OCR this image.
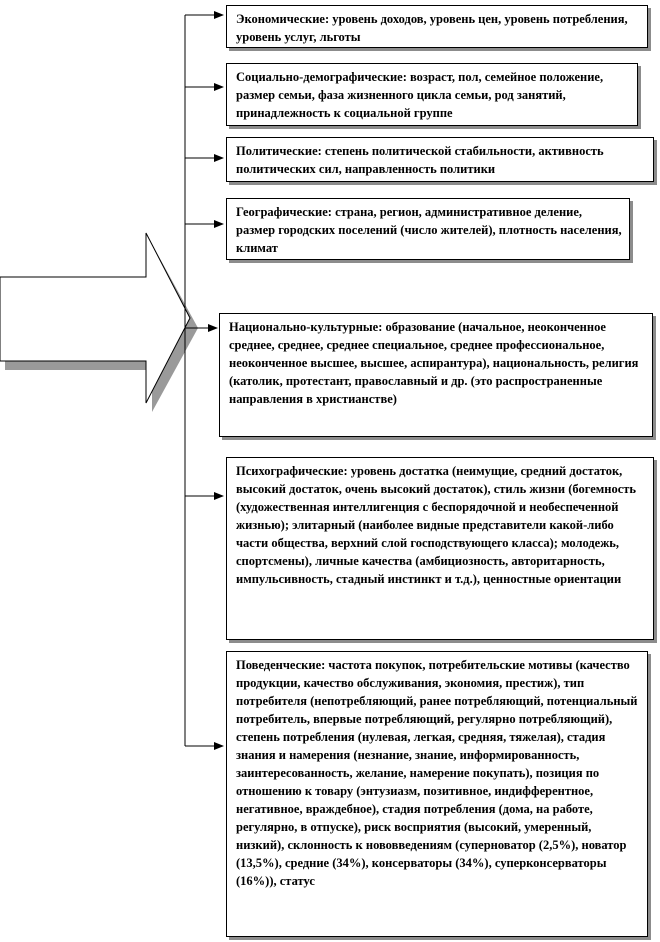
Экономические: уровень доходов, уровень цен, уровень потребления, уровень услуг, льготы
Социально-демографические: возраст, пол, семейное положение, размер семьи, фаза жизненного цикла семьи, род занятий, принадлежность к социальной группе
Политические: степень политической стабильности, активность политических сил, направленность политики
Географические: страна, регион, административное деление, размер городских поселений (число жителей), плотность населения, климат
Национально-культурные: образование (начальное, неоконченное среднее, среднее, среднее специальное, среднее профессиональное, неоконченное высшее, высшее, аспирантура), национальность, религия (католик, протестант, православный и др. (это распространенные направления в христианстве)
Психографические: уровень достатка (неимущие, средний достаток, высокий достаток, очень высокий достаток), стиль жизни (богемность (художественная интеллигенция с беспорядочной и необеспеченной жизнью); элитарный (наиболее видные представители какой-либо части общества, верхний слой господствующего класса); молодежь, спортсмены), личные качества (амбициозность, авторитарность, импульсивность, стадный инстинкт и т.д.), ценностные ориентации
Поведенческие: частота покупок, потребительские мотивы (качество продукции, качество обслуживания, экономия, престиж), тип потребителя (непотребляющий, ранее потребляющий, потенциальный потребитель, впервые потребляющий, регулярно потребляющий), степень потребления (нулевая, легкая, средняя, тяжелая), стадия знания и намерения (незнание, знание, информированность, заинтересованность, желание, намерение покупать), позиция по отношению к товару (энтузиазм, позитивное, индифферентное, негативное, враждебное), стадия потребления (дома, на работе, регулярно, в отпуске), риск восприятия (высокий, умеренный, низкий), склонность к нововведениям (суперноватор (2,5%), новатор (13,5%), средние (34%), консерваторы (34%), суперконсерваторы (16%)), статус
